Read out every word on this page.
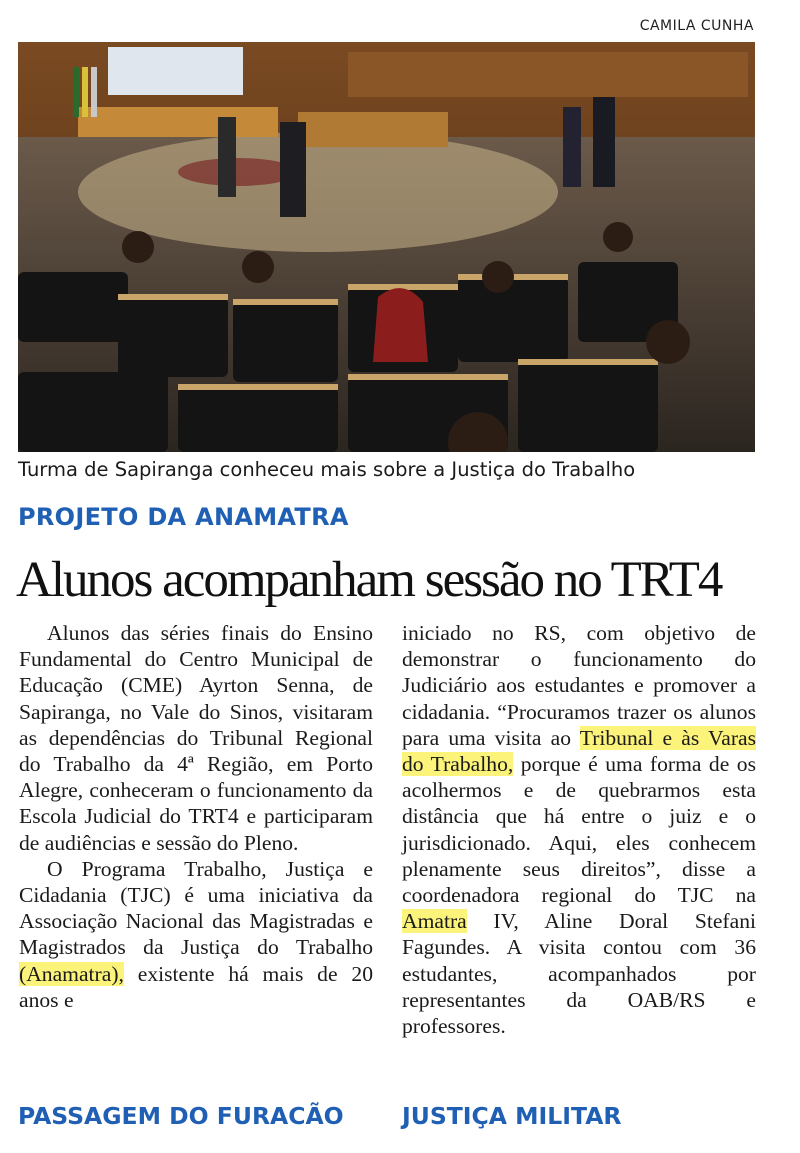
CAMILA CUNHA
Turma de Sapiranga conheceu mais sobre a Justiça do Trabalho
PROJETO DA ANAMATRA
Alunos acompanham sessão no TRT4

Alunos das séries finais do Ensino Fundamental do Centro Municipal de Educação (CME) Ayrton Senna, de Sapiranga, no Vale do Sinos, visitaram as dependências do Tribunal Regional do Trabalho da 4ª Região, em Porto Alegre, conheceram o funcionamento da Escola Judicial do TRT4 e participaram de audiências e sessão do Pleno.

O Programa Trabalho, Justiça e Cidadania (TJC) é uma iniciativa da Associação Nacional das Magistradas e Magistrados da Justiça do Trabalho (Anamatra), existente há mais de 20 anos e

iniciado no RS, com objetivo de demonstrar o funcionamento do Judiciário aos estudantes e promover a cidadania. “Procuramos trazer os alunos para uma visita ao Tribunal e às Varas do Trabalho, porque é uma forma de os acolhermos e de quebrarmos esta distância que há entre o juiz e o jurisdicionado. Aqui, eles conhecem plenamente seus direitos”, disse a coordenadora regional do TJC na Amatra IV, Aline Doral Stefani Fagundes. A visita contou com 36 estudantes, acompanhados por representantes da OAB/RS e professores.

PASSAGEM DO FURACÃO JUSTIÇA MILITAR
